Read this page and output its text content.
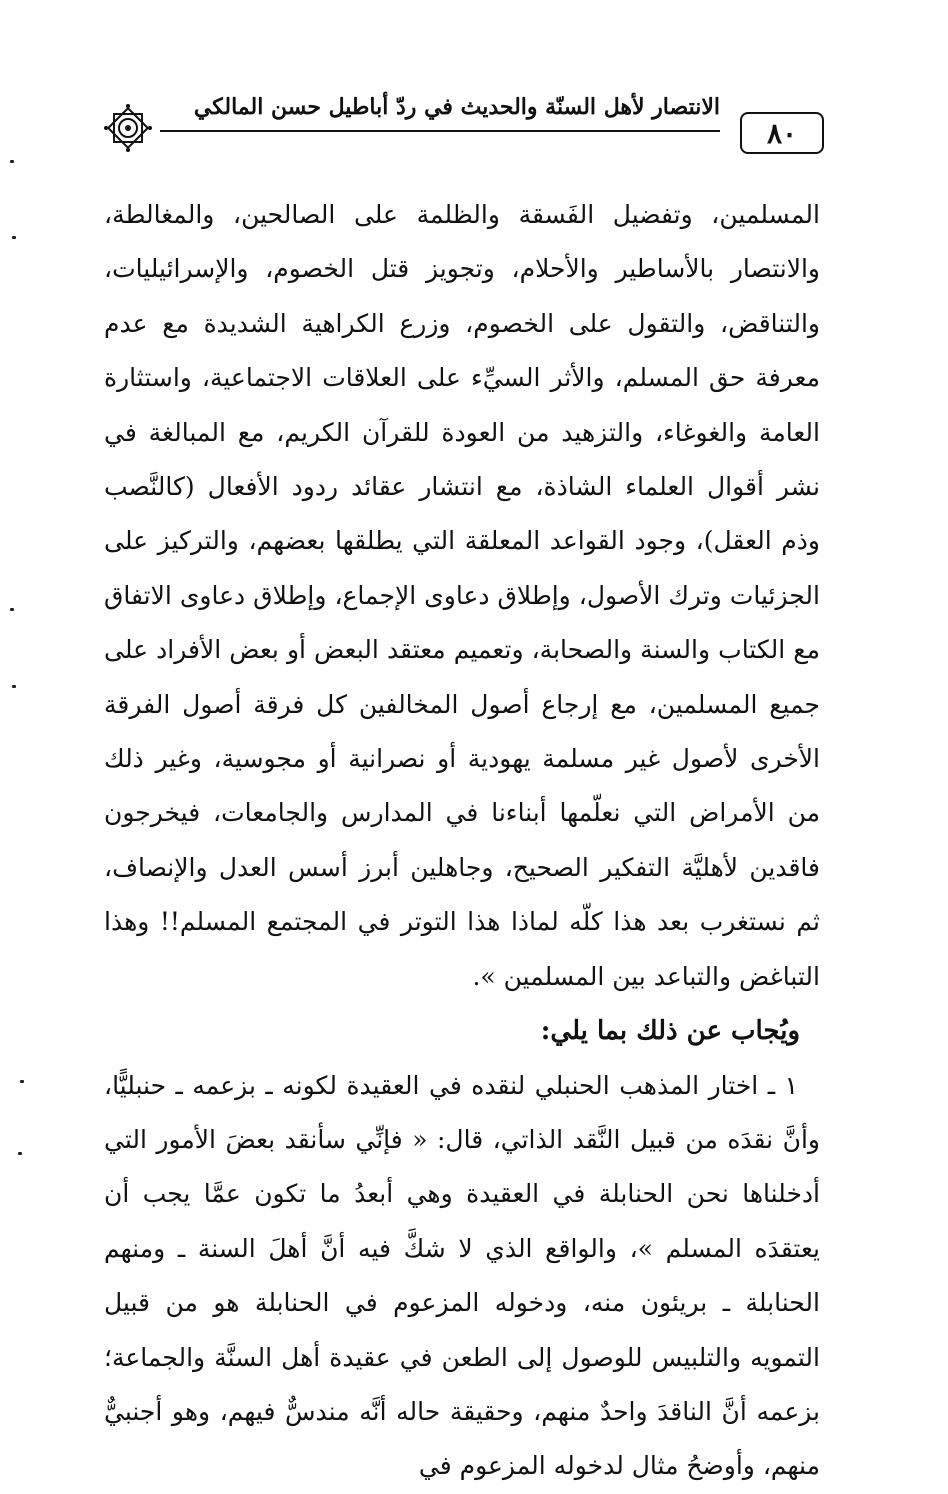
الانتصار لأهل السنّة والحديث في ردّ أباطيل حسن المالكي
٨٠

المسلمين، وتفضيل الفَسقة والظلمة على الصالحين، والمغالطة، والانتصار بالأساطير والأحلام، وتجويز قتل الخصوم، والإسرائيليات، والتناقض، والتقول على الخصوم، وزرع الكراهية الشديدة مع عدم معرفة حق المسلم، والأثر السيِّء على العلاقات الاجتماعية، واستثارة العامة والغوغاء، والتزهيد من العودة للقرآن الكريم، مع المبالغة في نشر أقوال العلماء الشاذة، مع انتشار عقائد ردود الأفعال (كالنَّصب وذم العقل)، وجود القواعد المعلقة التي يطلقها بعضهم، والتركيز على الجزئيات وترك الأصول، وإطلاق دعاوى الإجماع، وإطلاق دعاوى الاتفاق مع الكتاب والسنة والصحابة، وتعميم معتقد البعض أو بعض الأفراد على جميع المسلمين، مع إرجاع أصول المخالفين كل فرقة أصول الفرقة الأخرى لأصول غير مسلمة يهودية أو نصرانية أو مجوسية، وغير ذلك من الأمراض التي نعلّمها أبناءنا في المدارس والجامعات، فيخرجون فاقدين لأهليَّة التفكير الصحيح، وجاهلين أبرز أسس العدل والإنصاف، ثم نستغرب بعد هذا كلّه لماذا هذا التوتر في المجتمع المسلم!! وهذا التباغض والتباعد بين المسلمين ».

ويُجاب عن ذلك بما يلي:

١ ـ اختار المذهب الحنبلي لنقده في العقيدة لكونه ـ بزعمه ـ حنبليًّا، وأنَّ نقدَه من قبيل النَّقد الذاتي، قال: « فإنِّي سأنقد بعضَ الأمور التي أدخلناها نحن الحنابلة في العقيدة وهي أبعدُ ما تكون عمَّا يجب أن يعتقدَه المسلم »، والواقع الذي لا شكَّ فيه أنَّ أهلَ السنة ـ ومنهم الحنابلة ـ بريئون منه، ودخوله المزعوم في الحنابلة هو من قبيل التمويه والتلبيس للوصول إلى الطعن في عقيدة أهل السنَّة والجماعة؛ بزعمه أنَّ الناقدَ واحدٌ منهم، وحقيقة حاله أنَّه مندسٌّ فيهم، وهو أجنبيٌّ منهم، وأوضحُ مثال لدخوله المزعوم في
